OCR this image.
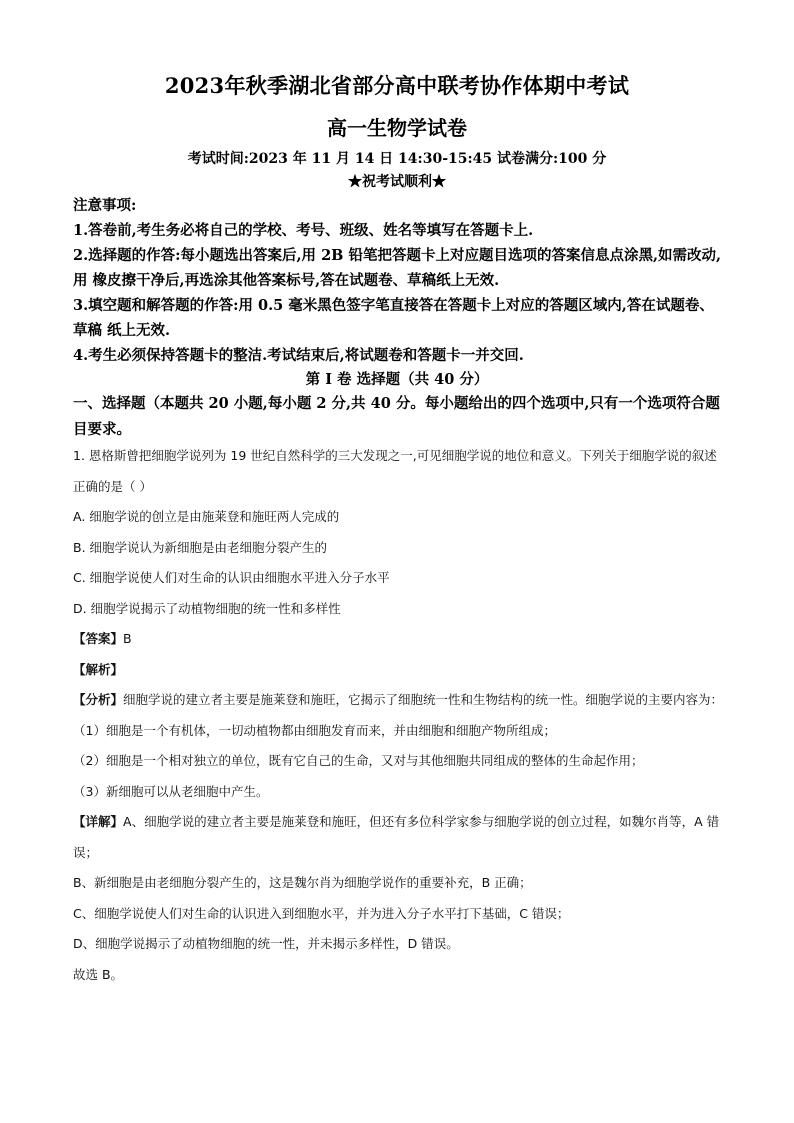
2023年秋季湖北省部分高中联考协作体期中考试
高一生物学试卷
考试时间:2023 年 11 月 14 日 14:30-15:45 试卷满分:100 分
★祝考试顺利★

注意事项:

1.答卷前,考生务必将自己的学校、考号、班级、姓名等填写在答题卡上.

2.选择题的作答:每小题选出答案后,用 2B 铅笔把答题卡上对应题目选项的答案信息点涂黑,如需改动,用 橡皮擦干净后,再选涂其他答案标号,答在试题卷、草稿纸上无效.

3.填空题和解答题的作答:用 0.5 毫米黑色签字笔直接答在答题卡上对应的答题区域内,答在试题卷、草稿 纸上无效.

4.考生必须保持答题卡的整洁.考试结束后,将试题卷和答题卡一并交回.

第 I 卷 选择题（共 40 分）

一、选择题（本题共 20 小题,每小题 2 分,共 40 分。每小题给出的四个选项中,只有一个选项符合题目要求。

1. 恩格斯曾把细胞学说列为 19 世纪自然科学的三大发现之一,可见细胞学说的地位和意义。下列关于细胞学说的叙述正确的是（ ）

A. 细胞学说的创立是由施莱登和施旺两人完成的

B. 细胞学说认为新细胞是由老细胞分裂产生的

C. 细胞学说使人们对生命的认识由细胞水平进入分子水平

D. 细胞学说揭示了动植物细胞的统一性和多样性

【答案】B

【解析】

【分析】细胞学说的建立者主要是施莱登和施旺，它揭示了细胞统一性和生物结构的统一性。细胞学说的主要内容为：（1）细胞是一个有机体，一切动植物都由细胞发育而来，并由细胞和细胞产物所组成；

（2）细胞是一个相对独立的单位，既有它自己的生命，又对与其他细胞共同组成的整体的生命起作用；

（3）新细胞可以从老细胞中产生。

【详解】A、细胞学说的建立者主要是施莱登和施旺，但还有多位科学家参与细胞学说的创立过程，如魏尔肖等，A 错误；

B、新细胞是由老细胞分裂产生的，这是魏尔肖为细胞学说作的重要补充，B 正确；

C、细胞学说使人们对生命的认识进入到细胞水平，并为进入分子水平打下基础，C 错误；

D、细胞学说揭示了动植物细胞的统一性，并未揭示多样性，D 错误。

故选 B。
